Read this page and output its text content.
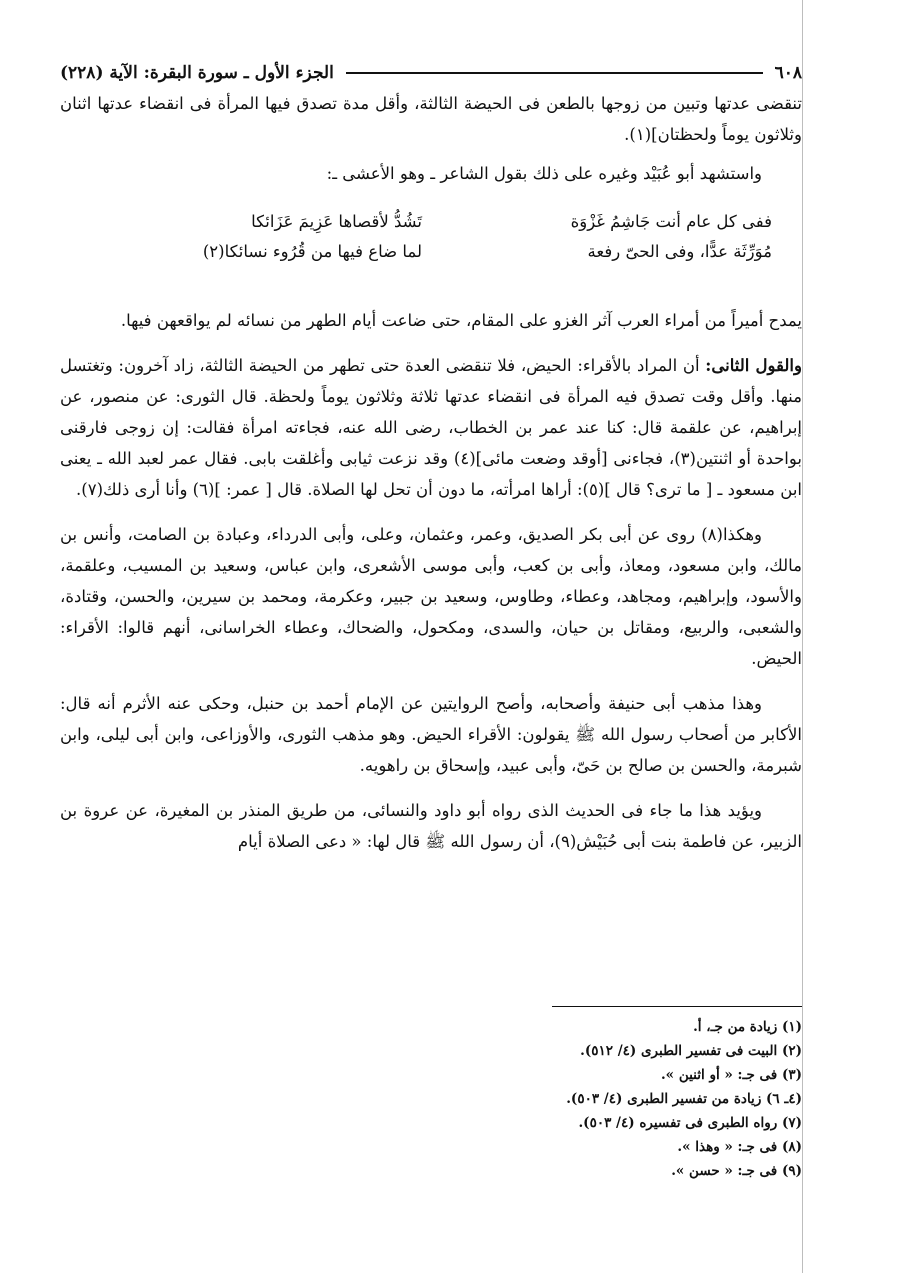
٦٠٨
الجزء الأول ـ سورة البقرة: الآية (٢٢٨)

تنقضى عدتها وتبين من زوجها بالطعن فى الحيضة الثالثة، وأقل مدة تصدق فيها المرأة فى انقضاء عدتها اثنان وثلاثون يوماً ولحظتان](١).

واستشهد أبو عُبَيْد وغيره على ذلك بقول الشاعر ـ وهو الأعشى ـ:

ففى كل عام أنت جَاشِمُ غَزْوَة
تَشُدُّ لأقصاها عَزِيمَ عَزَائكا
مُوَرِّثَة عدًّا، وفى الحىّ رفعة
لما ضاع فيها من قُرُوء نسائكا(٢)

يمدح أميراً من أمراء العرب آثر الغزو على المقام، حتى ضاعت أيام الطهر من نسائه لم يواقعهن فيها.

والقول الثانى: أن المراد بالأقراء: الحيض، فلا تنقضى العدة حتى تطهر من الحيضة الثالثة، زاد آخرون: وتغتسل منها. وأقل وقت تصدق فيه المرأة فى انقضاء عدتها ثلاثة وثلاثون يوماً ولحظة. قال الثورى: عن منصور، عن إبراهيم، عن علقمة قال: كنا عند عمر بن الخطاب، رضى الله عنه، فجاءته امرأة فقالت: إن زوجى فارقنى بواحدة أو اثنتين(٣)، فجاءنى [أوقد وضعت مائى](٤) وقد نزعت ثيابى وأغلقت بابى. فقال عمر لعبد الله ـ يعنى ابن مسعود ـ [ ما ترى؟ قال ](٥): أراها امرأته، ما دون أن تحل لها الصلاة. قال [ عمر: ](٦) وأنا أرى ذلك(٧).

وهكذا(٨) روى عن أبى بكر الصديق، وعمر، وعثمان، وعلى، وأبى الدرداء، وعبادة بن الصامت، وأنس بن مالك، وابن مسعود، ومعاذ، وأبى بن كعب، وأبى موسى الأشعرى، وابن عباس، وسعيد بن المسيب، وعلقمة، والأسود، وإبراهيم، ومجاهد، وعطاء، وطاوس، وسعيد بن جبير، وعكرمة، ومحمد بن سيرين، والحسن، وقتادة، والشعبى، والربيع، ومقاتل بن حيان، والسدى، ومكحول، والضحاك، وعطاء الخراسانى، أنهم قالوا: الأقراء: الحيض.

وهذا مذهب أبى حنيفة وأصحابه، وأصح الروايتين عن الإمام أحمد بن حنبل، وحكى عنه الأثرم أنه قال: الأكابر من أصحاب رسول الله ﷺ يقولون: الأقراء الحيض. وهو مذهب الثورى، والأوزاعى، وابن أبى ليلى، وابن شبرمة، والحسن بن صالح بن حَىّ، وأبى عبيد، وإسحاق بن راهويه.

ويؤيد هذا ما جاء فى الحديث الذى رواه أبو داود والنسائى، من طريق المنذر بن المغيرة، عن عروة بن الزبير، عن فاطمة بنت أبى حُبَيْش(٩)، أن رسول الله ﷺ قال لها: « دعى الصلاة أيام

(١) زيادة من جـ، أ.
(٢) البيت فى تفسير الطبرى (٤/ ٥١٢).
(٣) فى جـ: « أو اثنين ».
(٤ـ ٦) زيادة من تفسير الطبرى (٤/ ٥٠٣).
(٧) رواه الطبرى فى تفسيره (٤/ ٥٠٣).
(٨) فى جـ: « وهذا ».
(٩) فى جـ: « حسن ».
